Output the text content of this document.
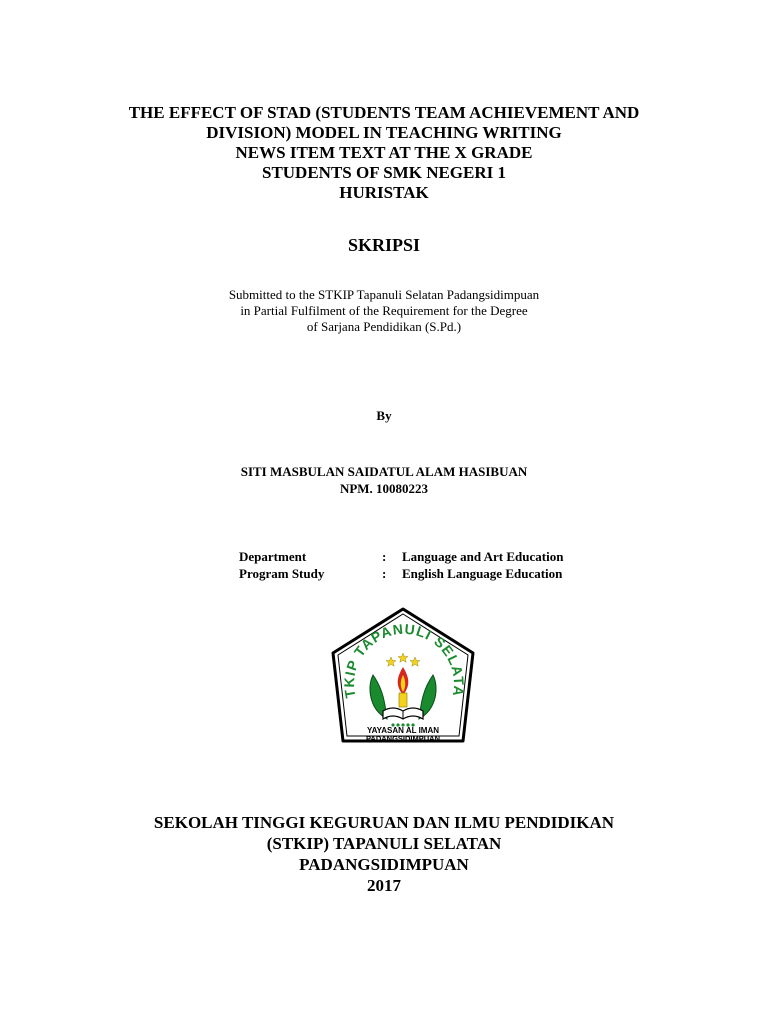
THE EFFECT OF STAD (STUDENTS TEAM ACHIEVEMENT AND
DIVISION) MODEL IN TEACHING WRITING
NEWS ITEM TEXT AT THE X GRADE
STUDENTS OF SMK NEGERI 1
HURISTAK
SKRIPSI
Submitted to the STKIP Tapanuli Selatan Padangsidimpuan
in Partial Fulfilment of the Requirement for the Degree
of Sarjana Pendidikan (S.Pd.)
By
SITI MASBULAN SAIDATUL ALAM HASIBUAN
NPM. 10080223
Department	:	Language and Art Education
Program Study	:	English Language Education
TKIP TAPANULI SELATA
YAYASAN AL IMAN
PADANGSIDIMPUAN
SEKOLAH TINGGI KEGURUAN DAN ILMU PENDIDIKAN
(STKIP) TAPANULI SELATAN
PADANGSIDIMPUAN
2017
